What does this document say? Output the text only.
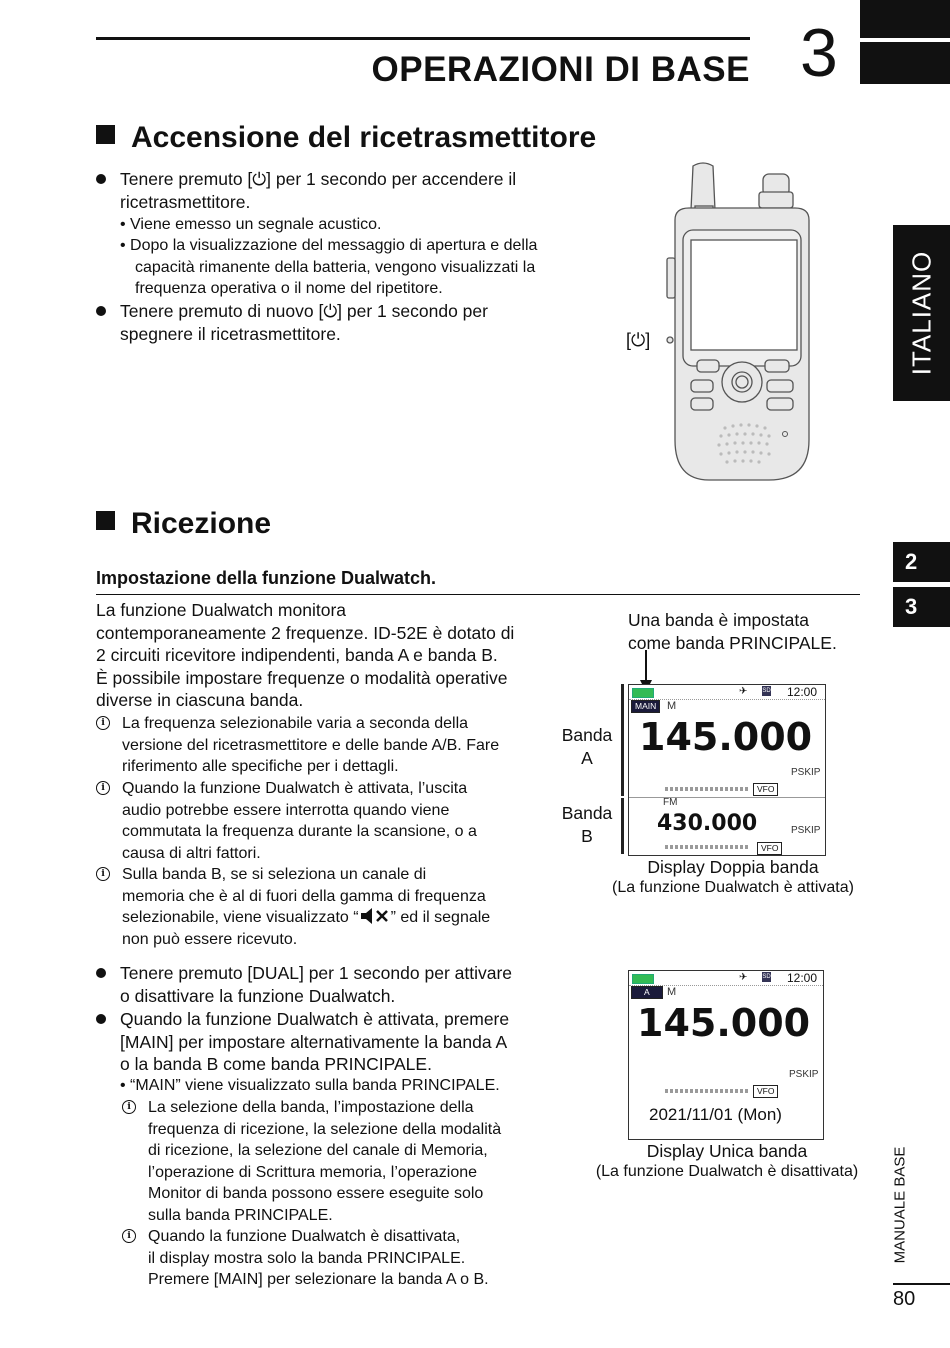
OPERAZIONI DI BASE 3
ITALIANO
2
3
MANUALE BASE
80
Accensione del ricetrasmettitore
Tenere premuto [⏻] per 1 secondo per accendere il
ricetrasmettitore.
• Viene emesso un segnale acustico.
• Dopo la visualizzazione del messaggio di apertura e della
capacità rimanente della batteria, vengono visualizzati la
frequenza operativa o il nome del ripetitore.
Tenere premuto di nuovo [⏻] per 1 secondo per
spegnere il ricetrasmettitore.	[⏻]
Ricezione
Impostazione della funzione Dualwatch.
La funzione Dualwatch monitora
contemporaneamente 2 frequenze. ID-52E è dotato di
2 circuiti ricevitore indipendenti, banda A e banda B.
È possibile impostare frequenze o modalità operative
diverse in ciascuna banda.
i	La frequenza selezionabile varia a seconda della
versione del ricetrasmettitore e delle bande A/B. Fare
riferimento alle specifiche per i dettagli.
i	Quando la funzione Dualwatch è attivata, l’uscita
audio potrebbe essere interrotta quando viene
commutata la frequenza durante la scansione, o a
causa di altri fattori.
i	Sulla banda B, se si seleziona un canale di
memoria che è al di fuori della gamma di frequenza
selezionabile, viene visualizzato “ ” ed il segnale
non può essere ricevuto.
Tenere premuto [DUAL] per 1 secondo per attivare
o disattivare la funzione Dualwatch.
Quando la funzione Dualwatch è attivata, premere
[MAIN] per impostare alternativamente la banda A
o la banda B come banda PRINCIPALE.
• “MAIN” viene visualizzato sulla banda PRINCIPALE.
i	La selezione della banda, l’impostazione della
frequenza di ricezione, la selezione della modalità
di ricezione, la selezione del canale di Memoria,
l’operazione di Scrittura memoria, l’operazione
Monitor di banda possono essere eseguite solo
sulla banda PRINCIPALE.
i	Quando la funzione Dualwatch è disattivata,
il display mostra solo la banda PRINCIPALE.
Premere [MAIN] per selezionare la banda A o B.
Una banda è impostata
come banda PRINCIPALE.
Banda
A
Banda
B
✈ SD 12:00
MAIN M
145.000
PSKIP
VFO
FM
430.000	PSKIP
VFO
Display Doppia banda
(La funzione Dualwatch è attivata)
✈ SD 12:00
A	M
145.000
PSKIP
VFO
2021/11/01 (Mon)
Display Unica banda
(La funzione Dualwatch è disattivata)
